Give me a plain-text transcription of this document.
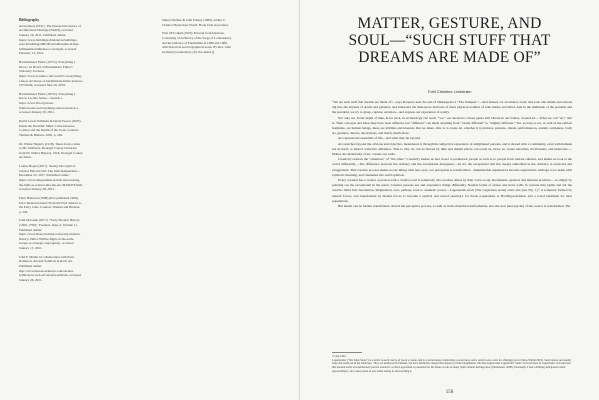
Bibliography
Anonymous (2011). The National Inventory of Architectural Heritage (NIAH), recorded January 19, 2011. Published online: https://www.buildingsofireland.ie/buildings-search/building/40814014/ballinaskin-bridge-ballinaskin-ballinalee-co-donegal, accessed February 13, 2021.
Backelsmeier Fuller (1977a). Everything I Know: 42 Hours of Backminster Fuller's Visionary Lectures. https://www.youtube.com/watch?v=everything-i-know-42-hours-of-buckminster-fuller-lectures-1975.html, accessed June 29, 2019.
Backelsmeier Fuller (1975b). Everything I Know Lecture Series—Session 1. https://www.bfi.org/about-fuller/resources/everything-i-know/session-1, accessed January 28, 2021.
David Lewis-Williams & David Pearce (2005). Inside the Neolithic Mind: Consciousness, Cosmos and the Realm of the Gods. London: Thames & Hudson, 2005, p. 226.
Dr. Walter Hegarty (1918). Taken from a letter to Mr. McIntyre, Donegal County Librarian from Dr. Walter Hegarty, 1918, Donegal County Archives.
Louise Hogan (2017). Seeing The Light as Science Hits the Net: The Irish Independent—December 22, 2017. Published online: https://www.independent.ie/irish-news/seeing-the-light-as-science-hits-the-net-36430476.html, accessed January 28, 2021.
Peter Harbison (1998) [first published 1966]. Pre-Christian Ireland: From the First Settlers to the Early Celts. London: Thames and Hudson, p. 226.
John McGrath (2017). "Early Modern History (1500–1700)", Features, Issue 4, Volume 11. Published online: https://www.historyireland.com/early-modern-history-1500-1700/the-flight-of-the-earls-escape-or-strategic-regrouping/, accessed January 17, 2021.
John F. Muller in collaboration with Peter Robinson, Ancient Symbols in Rock Art. Published online: http://www.blasoncatalunya.com/ancient-symbols-in-rock-art/ancient-symbols, accessed January 26, 2021.
Simon Welfare & John Fairley (1980). Arthur C. Clarke's Mysterious World. Book Club Associates.
Wm. M'Corkell (1823). Excerpt from Derriana, Consisting of A History of the Siege of Londonderry and the Defence of Enniskillen in 1688 and 1689, with historical and biographical notes. By Rev. John Graham (Londonderry [for the author]).
MATTER, GESTURE, AND
SOUL—“SUCH STUFF THAT
DREAMS ARE MADE OF”
Torill Christine Lindstrøm

“We are such stuff that dreams are made of”—says Prospero near the end of Shakespeare’s “The Tempest.”—And indeed, we are matter, body, and soul. Our minds and actions dig into the abysses of atoms and galaxies, and transcend the time-space horizons of mere physical realities of both matter and mind. And in the multitude of the possible and the potential, we try to grasp, capture, envision—and express our experience of reality.

Not only we. In the depth of time, in far back, in archaeology can teach, “we,” our ancestors, whose genes still vibrate in our bodies, created art.—What we call “art,” that is. Their concepts and ideas may have been different, but “different” can mean anything from “totally different” to “slightly different.” Yet, as long as we, as well as the earliest hominins, are human beings, there are abilities and interests that we share. One is to create art, whether it is pictures, patterns, rituals, performances, sounds, sculptures, body art, gestures, dances, decorations, and much, much more.

Art captures the essentials of life—and what may lie beyond.

Art stretches beyond the obvious and objective, meanderers it through the subjective experience of enlightened persons, and is shared with a community, even with humans not in itself, or shared collective ambience. That is why we can be moved by time and distant places can touch us, move us, create emotions, motivations, and memories.—Matter, the materiality of art, creates our souls.

Creativity reduces the “otherness” of “the other.” Creativity makes us feel closer to prehistoric people as well as to people from remote cultures, and makes us look at the world differently.—The difference between the ordinary and the exceptional disappears.—In art, the exceptional that lies deeply embedded in the ordinary, is extracted and exaggerated. This creative process makes us see things with new eyes, our perception is transformed.—Innumerable experiences become expressions, heritage to be laden with symbolic meaning, and channeled into solid symbols.

Every creation has a creator. A person with a creative soul is somebody who touches others by their voice, body, movements, gestures and material products,—or simply by pointing out the exceptional in the usual. Creative persons see and experience things differently. Natural forms of stones and stone walls in caverns may ignite and stir the creative mind into fascination, imagination, awe, perhaps even to aesthetic power.—Lagerstrøm stroll (The Lagerstein stone) stone site (see Fig. 1).¹ A sculpture formed by natural forces, and transformed by mental forces to become a symbol and sacred sanctuary for Stone populations at Holdingwestdalen, and a loved landmark for later populations.

But matter can be further transformed. And in the perceptive process, as well as in the material transformation, also the soul (and psyche) of the creator is transformed. The

¹ Lang 1942.
Lagerstrønet (‘The Saint Stone’) is a sarsli. A sarsli can be of wood or stone, and is a sacred object, indicating a sacred area, and a sarsli is also a site for offerings (as for Spire-Wildlé 2001). Sarsli stones are usually large and stand out in the landscape. They are unshaped by humans, but have distinctive shapes that appear to invite imagination. The Norwegian man Lagerström ‘Saint’ was born here in Lagerstrøm. A stories that this modern sarsli was deliberately moved around it, so that Lagerstrøm is presented for the future as one of many Saint cultural heritage sites (Thomassen, 2008). Personally, I feel a thrilling anticipation when approaching it, and a deep sense of awe when seeing it, and touching it.
156
